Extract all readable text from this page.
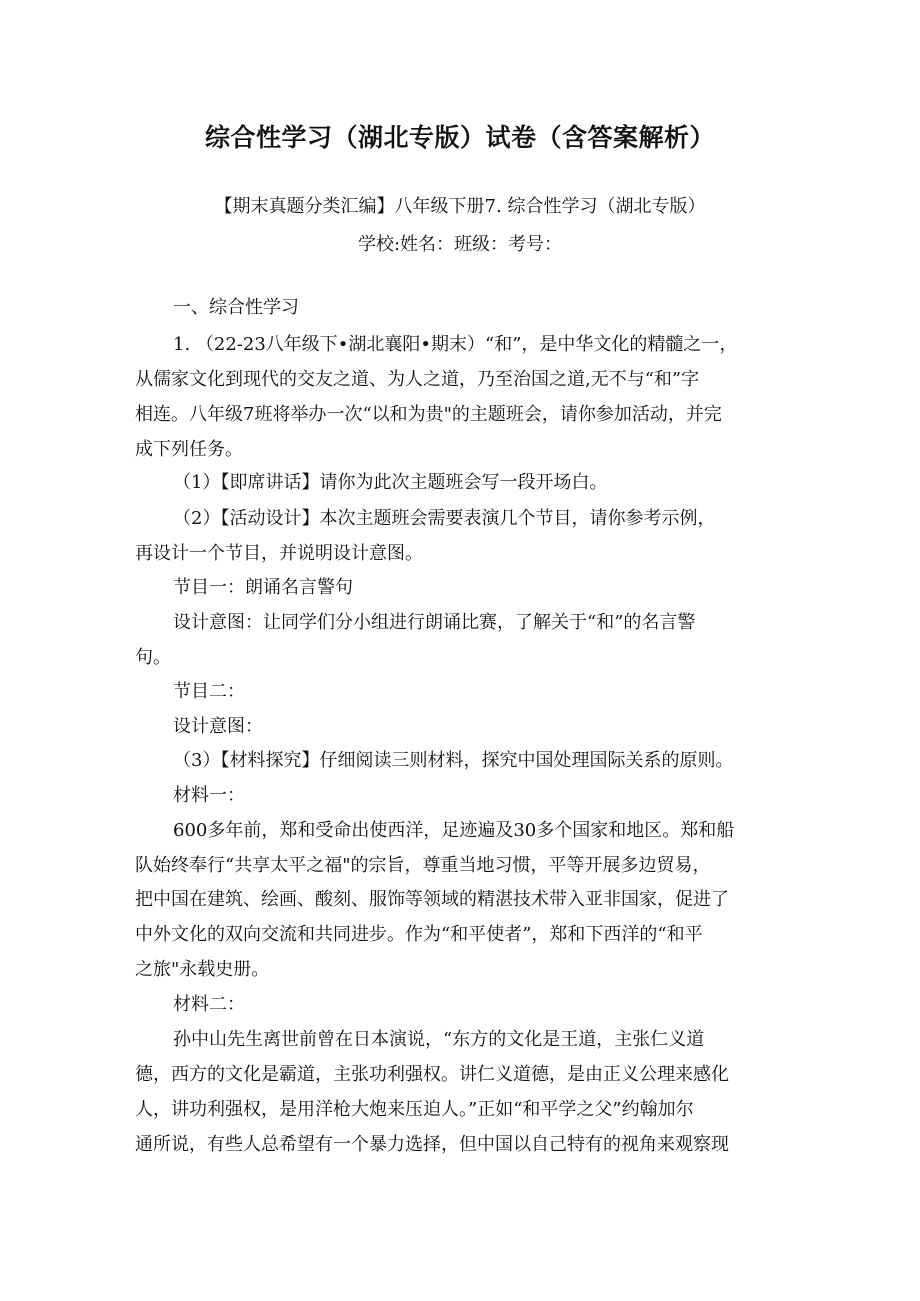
综合性学习（湖北专版）试卷（含答案解析）
【期末真题分类汇编】八年级下册7. 综合性学习（湖北专版）
学校:姓名：班级：考号：
一、综合性学习
1. （22-23八年级下•湖北襄阳•期末）“和”，是中华文化的精髓之一，
从儒家文化到现代的交友之道、为人之道，乃至治国之道,无不与“和”字
相连。八年级7班将举办一次“以和为贵"的主题班会，请你参加活动，并完
成下列任务。
（1）【即席讲话】请你为此次主题班会写一段开场白。
（2）【活动设计】本次主题班会需要表演几个节目，请你参考示例，
再设计一个节目，并说明设计意图。
节目一：朗诵名言警句
设计意图：让同学们分小组进行朗诵比赛，了解关于“和”的名言警
句。
节目二：
设计意图：
（3）【材料探究】仔细阅读三则材料，探究中国处理国际关系的原则。
材料一：
600多年前，郑和受命出使西洋，足迹遍及30多个国家和地区。郑和船
队始终奉行“共享太平之福"的宗旨，尊重当地习惯，平等开展多边贸易，
把中国在建筑、绘画、酸刻、服饰等领域的精湛技术带入亚非国家，促进了
中外文化的双向交流和共同进步。作为“和平使者”，郑和下西洋的“和平
之旅"永载史册。
材料二：
孙中山先生离世前曾在日本演说，“东方的文化是王道，主张仁义道
德，西方的文化是霸道，主张功利强权。讲仁义道德，是由正义公理来感化
人，讲功利强权，是用洋枪大炮来压迫人。”正如“和平学之父”约翰加尔
通所说，有些人总希望有一个暴力选择，但中国以自己特有的视角来观察现
